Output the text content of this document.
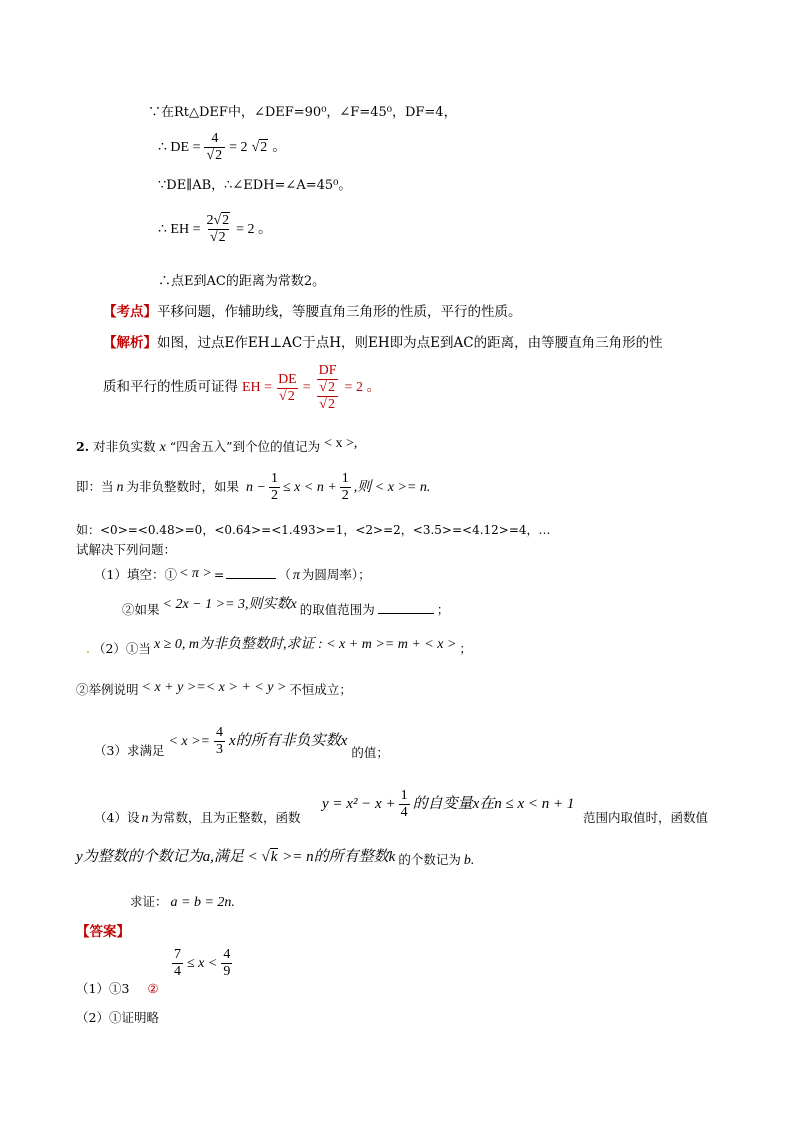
∵在Rt△DEF中，∠DEF=90⁰，∠F=45⁰，DF=4，
∴ DE = $\frac{4}{√2} = 2$ √2 。
∵DE∥AB，∴∠EDH=∠A=45⁰。
∴ EH = $\frac{2√2}{√2} = 2$ 。
∴点E到AC的距离为常数2。
【考点】平移问题，作辅助线，等腰直角三角形的性质，平行的性质。
【解析】如图，过点E作EH⊥AC于点H，则EH即为点E到AC的距离，由等腰直角三角形的性
质和平行的性质可证得 EH = $\frac{DE}{√2} = \frac{\frac{DF}{√2}}{√2} = 2$ 。
2. 对非负实数 x “四舍五入”到个位的值记为 < x >,
即：当 n 为非负整数时，如果 $n - \frac{1}{2} \le x < n + \frac{1}{2}$ ,则 < x >= n.
如：<0>=<0.48>=0，<0.64>=<1.493>=1，<2>=2，<3.5>=<4.12>=4，…
试解决下列问题：
（1）填空：① < π > =	（ π 为圆周率）；
②如果 < 2x − 1 >= 3,则实数x 的取值范围为	；
. （2）①当 x ≥ 0, m为非负整数时,求证 : < x + m >= m + < x > ；
②举例说明 < x + y >=< x > + < y > 不恒成立；
（3）求满足
< $x >= \frac{4}{3}$ x的所有非负实数x
的值；
$y = x^2 - x + \frac{1}{4}$ 的自变量x在n ≤ x < n + 1
（4）设 n 为常数，且为正整数，函数	范围内取值时，函数值
y为整数的个数记为a,满足 < √k >= n的所有整数k 的个数记为 b.
求证： a = b = 2n.
【答案】
$\frac{7}{4} \le x < \frac{4}{9}$
（1）①3 ②
（2）①证明略
